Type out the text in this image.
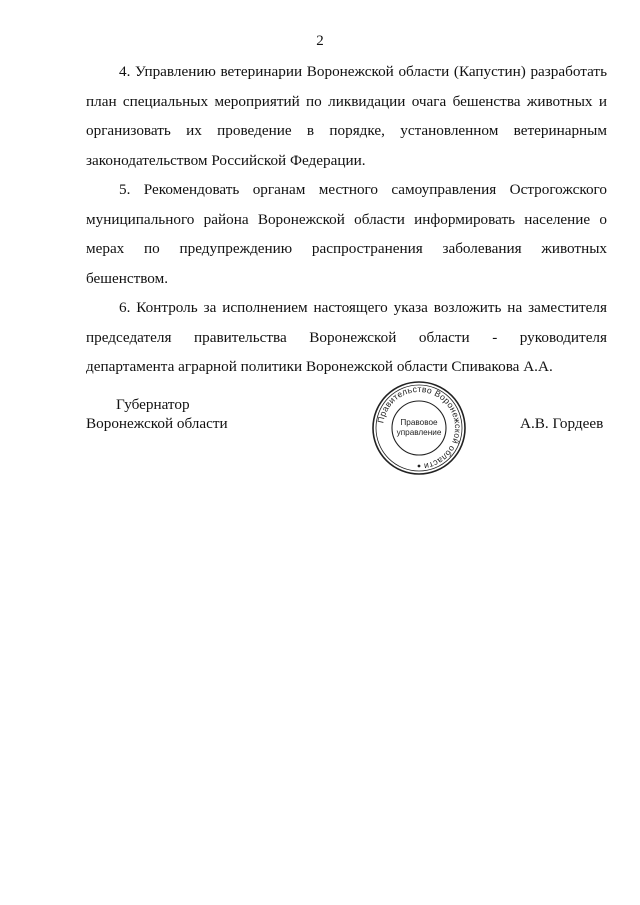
2

4. Управлению ветеринарии Воронежской области (Капустин) разработать
план специальных мероприятий по ликвидации очага бешенства животных и
организовать их проведение в порядке, установленном ветеринарным
законодательством Российской Федерации.

5. Рекомендовать органам местного самоуправления Острогожского
муниципального района Воронежской области информировать население о
мерах по предупреждению распространения заболевания животных
бешенством.

6. Контроль за исполнением настоящего указа возложить на заместителя
председателя правительства Воронежской области - руководителя
департамента аграрной политики Воронежской области Спивакова А.А.

Губернатор
Воронежской области	Правительство Воронежской области
Правовое
управление
А.В. Гордеев
